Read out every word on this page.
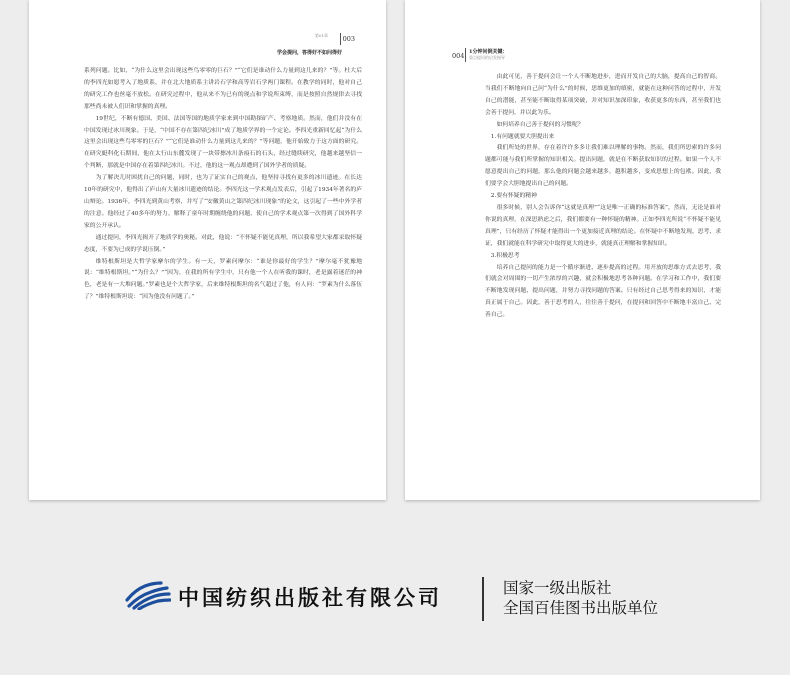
第01章
学会提问，答得好不如问得好
003

系列问题。比如，“为什么这里会出现这些鸟零零的巨石？”“它们是谁动什么力量到这儿来的？”等。杜大后的李四光如愿考入了地质系，并在北大地质系主讲岩石学和高等岩石学两门课程。在教学的同时，他对自己的研究工作也丝毫不放松。在研究过程中，他从来不为已有的现点和学说所束缚，而是按照自然规律去寻找那些尚未被人们识和掌握的真理。

19世纪，不断有德国、美国、法国等国的地质学家来到中国勘探矿产、考察地质。然而，他们并没有在中国发现过冰川现象。于是，“中国不存在第四纪冰川”成了地质学界的一个定论。李四光重新回忆起“为什么这里会出现这些鸟零零的巨石？”“它们是谁动什么力量到这儿来的？”等问题，他开始致力于这方面的研究。在研究蜓科化石期间，他在太行山东麓发现了一块带擦冰川条痕石的石头，经过缝续研究，他越来越坚信一个判断，那就是中国存在着第四纪冰川。不过，他的这一观点却遭到了国外学者的质疑。

为了解决儿时困扰自己的问题，同时，也为了证实自己的观点，他坚持寻找有更多的冰川遗迹。在长达10年的研究中，他得出了庐山有大量冰川遗迹的结论。李四光这一学术观点发表后，引起了1934年著名的庐山辩论。1936年，李四光到黄山考察，并写了“安徽黄山之第四纪冰川现象”的论文，这引起了一些中外学者的注意。他经过了40多年的努力，解释了童年时期缠绕他的问题，使自己的学术观点第一次得到了国外科学家的公开承认。

通过提问，李四光揭开了地质学的奥秘。对此，他说：“不怀疑不能见真理，所以我希望大家都采取怀疑态度，不要为已成的学说压倒。”

维特根斯坦是大哲学家摩尔的学生。有一天，罗素问摩尔：“谁是你最好的学生？”摩尔毫不犹豫地说：“维特根斯坦。”“为什么？”“因为，在我的所有学生中，只有他一个人在听我的课时，老是露着迷茫的神色，老是有一大堆问题。”罗素也是个大哲学家，后来维特根斯坦的名气超过了他，有人问：“罗素为什么落伍了？”维特根斯坦说：“因为他没有问题了。”

004 1分钟问倒关键：
重点提问的启发指导

由此可见，善于提问会让一个人不断地进步，进而开发自己的大脑，提高自己的智商。当我们不断地向自己问“为什么”的时候，思维更加的缜密，就能在这种问答的过程中，开发自己的潜能，甚至能不断取得某项突破，并对知识加深印象，收获更多的东西，甚至我们也会善于提问，并以此为乐。

如何培养自己善于提问的习惯呢？

1.有问题就要大胆提出来

我们所处的世界，存在着许许多多让我们难以理解的事物。然而，我们所思索的许多问题都可能与我们所掌握的知识相关。提出问题，就是在不断获取知识的过程。如果一个人不愿意提出自己的问题，那么他的问题会越来越多，越积越多，变成思想上的包袱。因此，我们要学会大胆地提出自己的问题。

2.要有怀疑的精神

很多时候，别人会告诉你“这就是真理”“这是唯一正确的标准答案”，然而，无论是谁对你说的真理，在深思熟虑之后，我们都要有一种怀疑的精神。正如李四光所说“不怀疑不能见真理”，只有经历了怀疑才能得出一个更加接近真理的结论。在怀疑中不断地发现、思考、求证，我们就能在科学研究中取得更大的进步，就能真正理解和掌握知识。

3.积极思考

培养自己提问的能力是一个循序渐进、逐步提高的过程。用开放的思维方式去思考，我们就会对周围的一切产生浓厚的兴趣，就会积极地思考各种问题。在学习和工作中，我们要不断地发现问题、提出问题，并努力寻找问题的答案。只有经过自己思考得来的知识，才能真正属于自己。因此，善于思考的人，往往善于提问，在提问和回答中不断地丰富自己、完善自己。

中国纺织出版社有限公司	国家一级出版社
全国百佳图书出版单位
